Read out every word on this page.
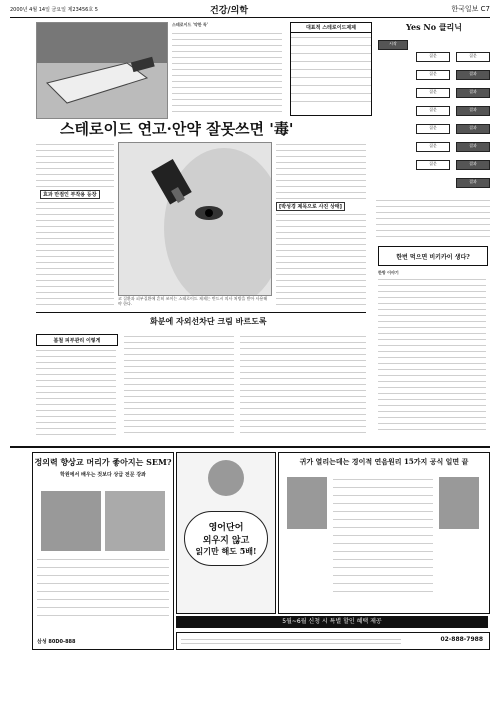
2000년 4월 14일 금요일 제23456호 5	건강/의학	한국일보 C7
스테로이드 '약한 독'
대표적 스테로이드제제
스테로이드 연고·안약 잘못쓰면 '毒'
효과 만점인 부작용 등장
코 질환과 피부질환에 흔히 쓰이는 스테로이드 제제는 반드시 의사 처방을 받아 사용해야 한다.
[박성경 제목으로 사진 상태]
Yes No 클리닉
시작
질문	질문
질문	결과
질문	결과
질문	결과
질문	결과
질문	결과
질문	결과
결과
한번 먹으면 비키카이 생다?
화분에 자외선차단 크림 바르도록
봄철 피부관리 이렇게
한방 이야기
정의력 향상교 머리가 좋아지는 SEM?
학원에서 배우는 것보다 상급 전문 강좌
삼성 80D0-888
영어단어
외우지 않고
읽기만 해도 5배!
귀가 열리는데는 경이적 연음원리 15가지 공식 일면 끝
5월~6월 신청 시 특별 할인 혜택 제공
02-888-7988
